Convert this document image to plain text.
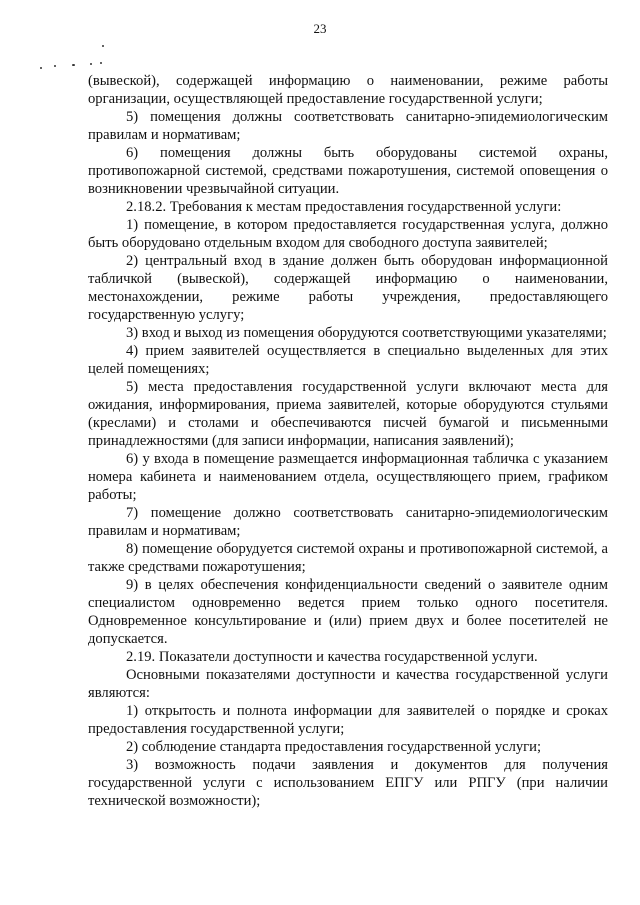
23

(вывеской), содержащей информацию о наименовании, режиме работы организации, осуществляющей предоставление государственной услуги;

5) помещения должны соответствовать санитарно-эпидемиологическим правилам и нормативам;

6) помещения должны быть оборудованы системой охраны, противопожарной системой, средствами пожаротушения, системой оповещения о возникновении чрезвычайной ситуации.

2.18.2. Требования к местам предоставления государственной услуги:

1) помещение, в котором предоставляется государственная услуга, должно быть оборудовано отдельным входом для свободного доступа заявителей;

2) центральный вход в здание должен быть оборудован информационной табличкой (вывеской), содержащей информацию о наименовании, местонахождении, режиме работы учреждения, предоставляющего государственную услугу;

3) вход и выход из помещения оборудуются соответствующими указателями;

4) прием заявителей осуществляется в специально выделенных для этих целей помещениях;

5) места предоставления государственной услуги включают места для ожидания, информирования, приема заявителей, которые оборудуются стульями (креслами) и столами и обеспечиваются писчей бумагой и письменными принадлежностями (для записи информации, написания заявлений);

6) у входа в помещение размещается информационная табличка с указанием номера кабинета и наименованием отдела, осуществляющего прием, графиком работы;

7) помещение должно соответствовать санитарно-эпидемиологическим правилам и нормативам;

8) помещение оборудуется системой охраны и противопожарной системой, а также средствами пожаротушения;

9) в целях обеспечения конфиденциальности сведений о заявителе одним специалистом одновременно ведется прием только одного посетителя. Одновременное консультирование и (или) прием двух и более посетителей не допускается.

2.19. Показатели доступности и качества государственной услуги.

Основными показателями доступности и качества государственной услуги являются:

1) открытость и полнота информации для заявителей о порядке и сроках предоставления государственной услуги;

2) соблюдение стандарта предоставления государственной услуги;

3) возможность подачи заявления и документов для получения государственной услуги с использованием ЕПГУ или РПГУ (при наличии технической возможности);
